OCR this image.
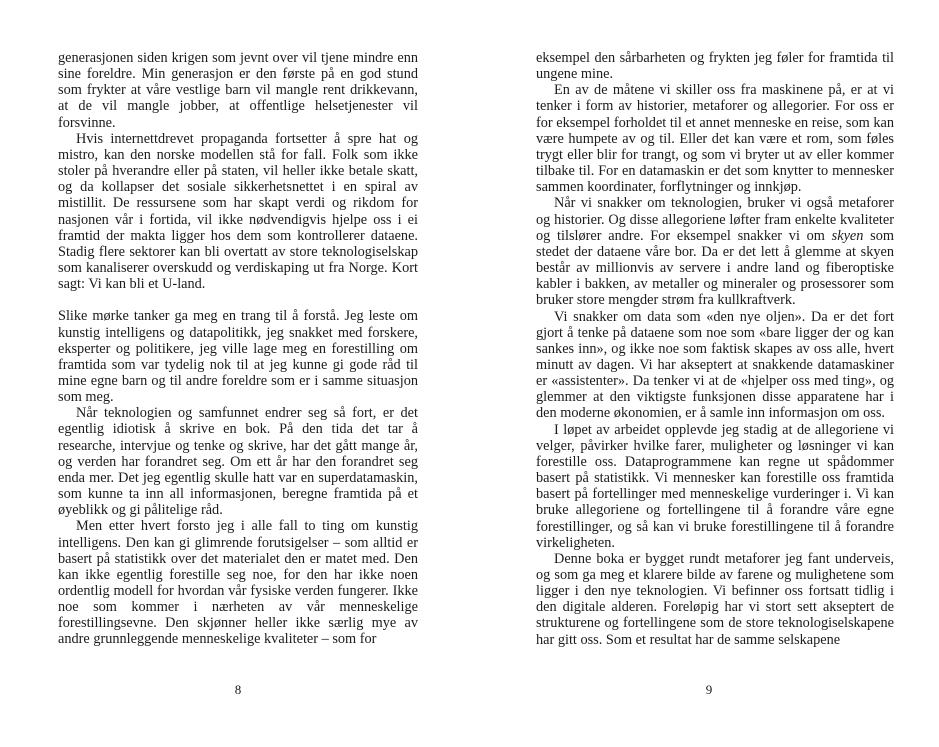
generasjonen siden krigen som jevnt over vil tjene mindre enn sine foreldre. Min generasjon er den første på en god stund som frykter at våre vestlige barn vil mangle rent drikkevann, at de vil mangle jobber, at offentlige helsetjenester vil forsvinne.

Hvis internettdrevet propaganda fortsetter å spre hat og mistro, kan den norske modellen stå for fall. Folk som ikke stoler på hverandre eller på staten, vil heller ikke betale skatt, og da kollapser det sosiale sikkerhetsnettet i en spiral av mistillit. De ressursene som har skapt verdi og rikdom for nasjonen vår i fortida, vil ikke nødvendigvis hjelpe oss i ei framtid der makta ligger hos dem som kontrollerer dataene. Stadig flere sektorer kan bli overtatt av store teknologiselskap som kanaliserer overskudd og verdiskaping ut fra Norge. Kort sagt: Vi kan bli et U-land.

Slike mørke tanker ga meg en trang til å forstå. Jeg leste om kunstig intelligens og datapolitikk, jeg snakket med forskere, eksperter og politikere, jeg ville lage meg en forestilling om framtida som var tydelig nok til at jeg kunne gi gode råd til mine egne barn og til andre foreldre som er i samme situasjon som meg.

Når teknologien og samfunnet endrer seg så fort, er det egentlig idiotisk å skrive en bok. På den tida det tar å researche, intervjue og tenke og skrive, har det gått mange år, og verden har forandret seg. Om ett år har den forandret seg enda mer. Det jeg egentlig skulle hatt var en superdatamaskin, som kunne ta inn all informasjonen, beregne framtida på et øyeblikk og gi pålitelige råd.

Men etter hvert forsto jeg i alle fall to ting om kunstig intelligens. Den kan gi glimrende forutsigelser – som alltid er basert på statistikk over det materialet den er matet med. Den kan ikke egentlig forestille seg noe, for den har ikke noen ordentlig modell for hvordan vår fysiske verden fungerer. Ikke noe som kommer i nærheten av vår menneskelige forestillingsevne. Den skjønner heller ikke særlig mye av andre grunnleggende menneskelige kvaliteter – som for

8

eksempel den sårbarheten og frykten jeg føler for framtida til ungene mine.

En av de måtene vi skiller oss fra maskinene på, er at vi tenker i form av historier, metaforer og allegorier. For oss er for eksempel forholdet til et annet menneske en reise, som kan være humpete av og til. Eller det kan være et rom, som føles trygt eller blir for trangt, og som vi bryter ut av eller kommer tilbake til. For en datamaskin er det som knytter to mennesker sammen koordinater, forflytninger og innkjøp.

Når vi snakker om teknologien, bruker vi også metaforer og historier. Og disse allegoriene løfter fram enkelte kvaliteter og tilslører andre. For eksempel snakker vi om skyen som stedet der dataene våre bor. Da er det lett å glemme at skyen består av millionvis av servere i andre land og fiberoptiske kabler i bakken, av metaller og mineraler og prosessorer som bruker store mengder strøm fra kullkraftverk.

Vi snakker om data som «den nye oljen». Da er det fort gjort å tenke på dataene som noe som «bare ligger der og kan sankes inn», og ikke noe som faktisk skapes av oss alle, hvert minutt av dagen. Vi har akseptert at snakkende datamaskiner er «assistenter». Da tenker vi at de «hjelper oss med ting», og glemmer at den viktigste funksjonen disse apparatene har i den moderne økonomien, er å samle inn informasjon om oss.

I løpet av arbeidet opplevde jeg stadig at de allegoriene vi velger, påvirker hvilke farer, muligheter og løsninger vi kan forestille oss. Dataprogrammene kan regne ut spådommer basert på statistikk. Vi mennesker kan forestille oss framtida basert på fortellinger med menneskelige vurderinger i. Vi kan bruke allegoriene og fortellingene til å forandre våre egne forestillinger, og så kan vi bruke forestillingene til å forandre virkeligheten.

Denne boka er bygget rundt metaforer jeg fant underveis, og som ga meg et klarere bilde av farene og mulighetene som ligger i den nye teknologien. Vi befinner oss fortsatt tidlig i den digitale alderen. Foreløpig har vi stort sett akseptert de strukturene og fortellingene som de store teknologiselskapene har gitt oss. Som et resultat har de samme selskapene

9
